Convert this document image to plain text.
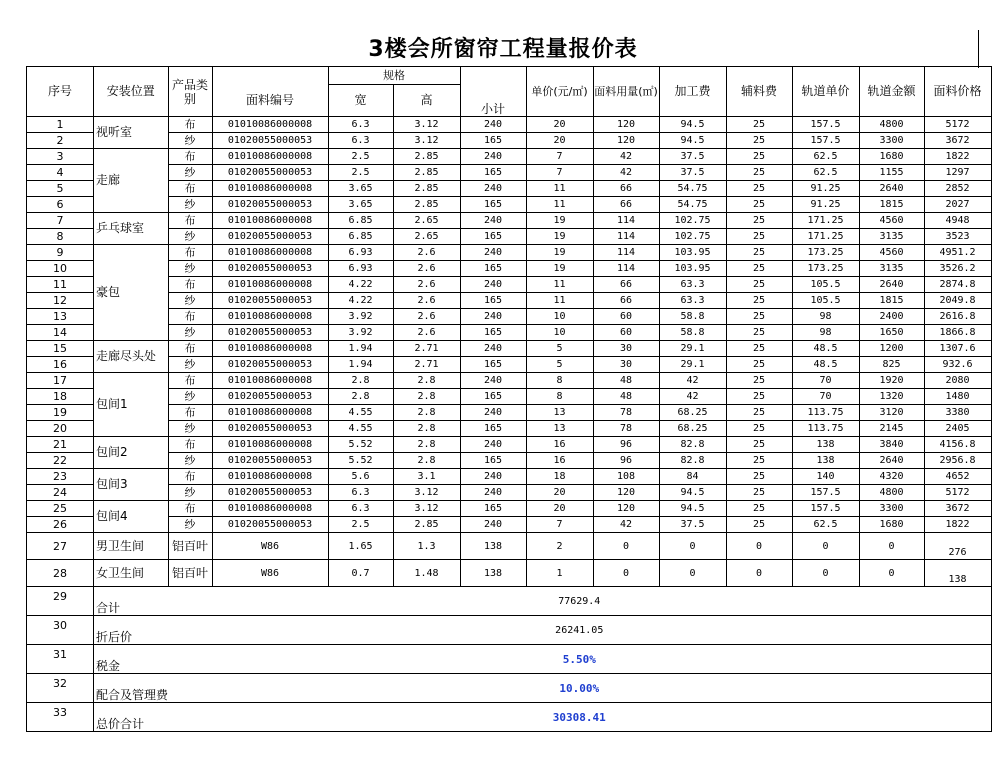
3楼会所窗帘工程量报价表
序号	安装位置	产品类别		规格			单价(元/㎡)	面料用量(㎡)	加工费	辅料费	轨道单价	轨道金额	面料价格
			面料编号	宽	高	小计							
1	视听室	布	01010086000008	6.3	3.12	240	20	120	94.5	25	157.5	4800	5172
2		纱	01020055000053	6.3	3.12	165	20	120	94.5	25	157.5	3300	3672
3	走廊	布	01010086000008	2.5	2.85	240	7	42	37.5	25	62.5	1680	1822
4		纱	01020055000053	2.5	2.85	165	7	42	37.5	25	62.5	1155	1297
5		布	01010086000008	3.65	2.85	240	11	66	54.75	25	91.25	2640	2852
6		纱	01020055000053	3.65	2.85	165	11	66	54.75	25	91.25	1815	2027
7	乒乓球室	布	01010086000008	6.85	2.65	240	19	114	102.75	25	171.25	4560	4948
8		纱	01020055000053	6.85	2.65	165	19	114	102.75	25	171.25	3135	3523
9	豪包	布	01010086000008	6.93	2.6	240	19	114	103.95	25	173.25	4560	4951.2
10		纱	01020055000053	6.93	2.6	165	19	114	103.95	25	173.25	3135	3526.2
11		布	01010086000008	4.22	2.6	240	11	66	63.3	25	105.5	2640	2874.8
12		纱	01020055000053	4.22	2.6	165	11	66	63.3	25	105.5	1815	2049.8
13		布	01010086000008	3.92	2.6	240	10	60	58.8	25	98	2400	2616.8
14		纱	01020055000053	3.92	2.6	165	10	60	58.8	25	98	1650	1866.8
15	走廊尽头处	布	01010086000008	1.94	2.71	240	5	30	29.1	25	48.5	1200	1307.6
16		纱	01020055000053	1.94	2.71	165	5	30	29.1	25	48.5	825	932.6
17	包间1	布	01010086000008	2.8	2.8	240	8	48	42	25	70	1920	2080
18		纱	01020055000053	2.8	2.8	165	8	48	42	25	70	1320	1480
19		布	01010086000008	4.55	2.8	240	13	78	68.25	25	113.75	3120	3380
20		纱	01020055000053	4.55	2.8	165	13	78	68.25	25	113.75	2145	2405
21	包间2	布	01010086000008	5.52	2.8	240	16	96	82.8	25	138	3840	4156.8
22		纱	01020055000053	5.52	2.8	165	16	96	82.8	25	138	2640	2956.8
23	包间3	布	01010086000008	5.6	3.1	240	18	108	84	25	140	4320	4652
24		纱	01020055000053	6.3	3.12	240	20	120	94.5	25	157.5	4800	5172
25	包间4	布	01010086000008	6.3	3.12	165	20	120	94.5	25	157.5	3300	3672
26		纱	01020055000053	2.5	2.85	240	7	42	37.5	25	62.5	1680	1822
27	男卫生间	铝百叶	W86	1.65	1.3	138	2	0	0	0	0	0	276
28	女卫生间	铝百叶	W86	0.7	1.48	138	1	0	0	0	0	0	138
29	合计	77629.4											
30	折后价	26241.05											
31	税金	5.50%											
32	配合及管理费	10.00%											
33	总价合计	30308.41											
